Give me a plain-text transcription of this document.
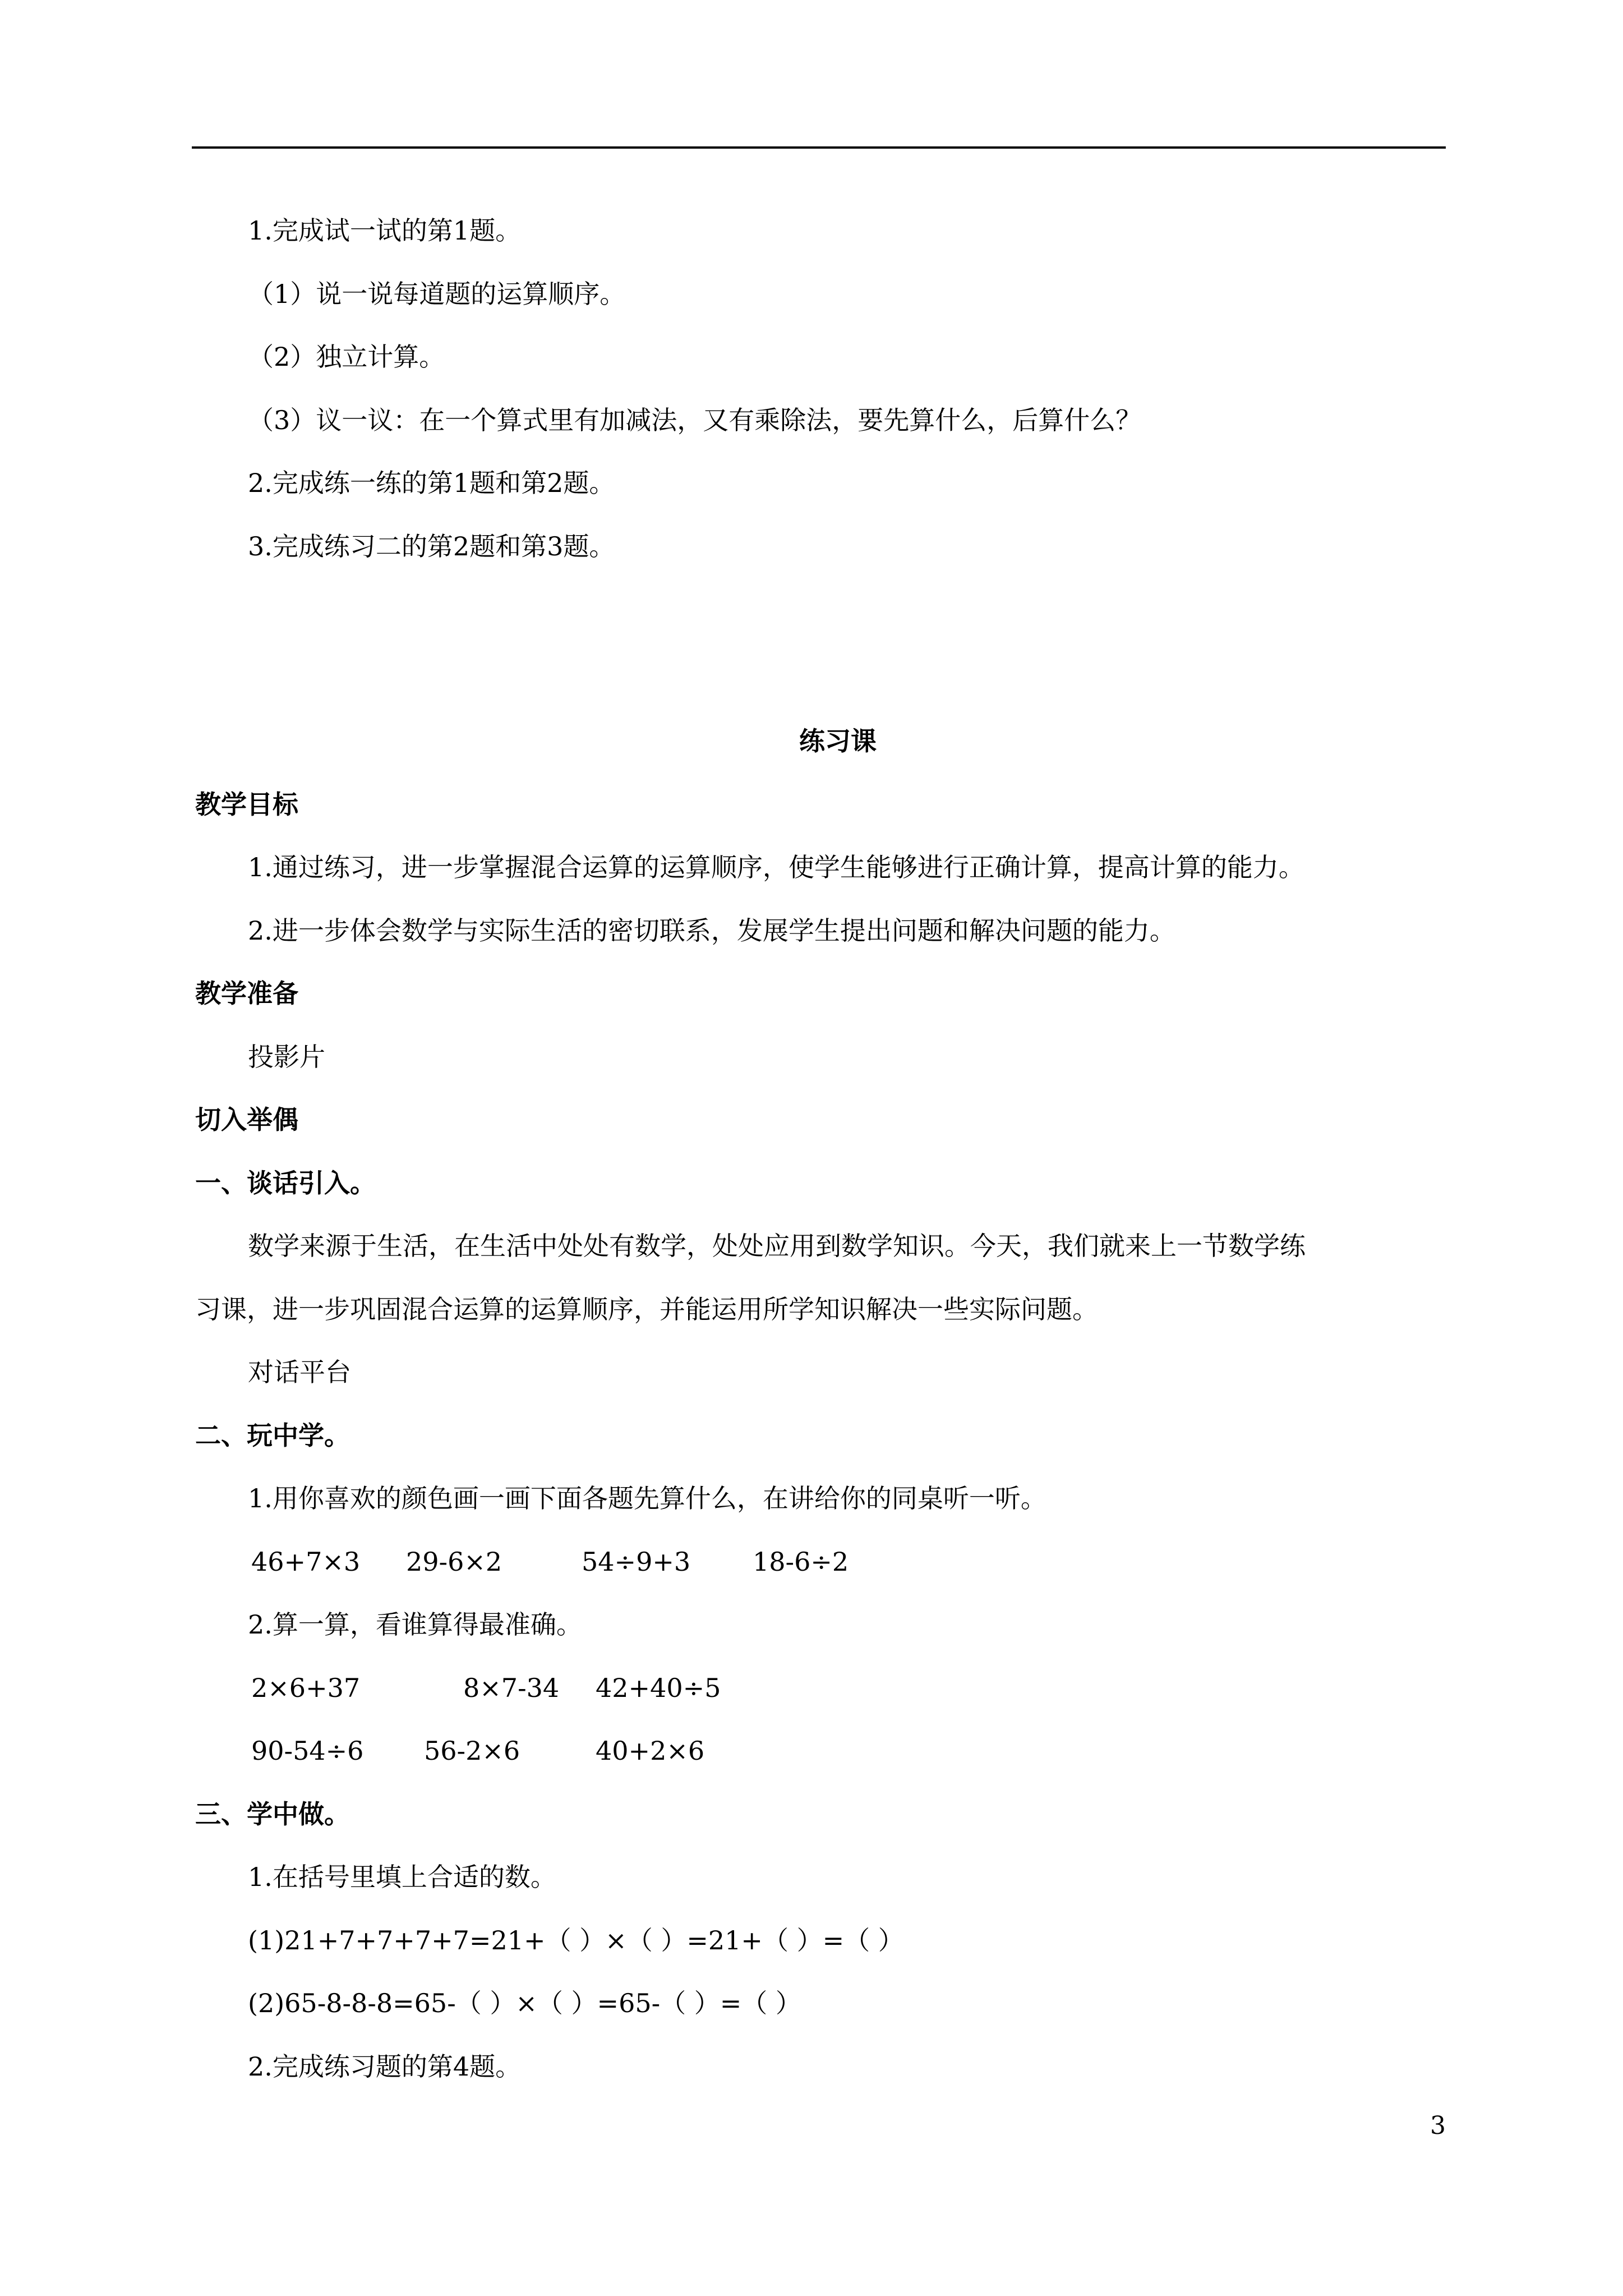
1.完成试一试的第1题。
（1）说一说每道题的运算顺序。
（2）独立计算。
（3）议一议：在一个算式里有加减法，又有乘除法，要先算什么，后算什么？
2.完成练一练的第1题和第2题。
3.完成练习二的第2题和第3题。
练习课
教学目标
1.通过练习，进一步掌握混合运算的运算顺序，使学生能够进行正确计算，提高计算的能力。
2.进一步体会数学与实际生活的密切联系，发展学生提出问题和解决问题的能力。
教学准备
投影片
切入举偶
一、谈话引入。
数学来源于生活，在生活中处处有数学，处处应用到数学知识。今天，我们就来上一节数学练
习课，进一步巩固混合运算的运算顺序，并能运用所学知识解决一些实际问题。
对话平台
二、玩中学。
1.用你喜欢的颜色画一画下面各题先算什么，在讲给你的同桌听一听。
46+7×3 29-6×2	54÷9+3 18-6÷2
2.算一算，看谁算得最准确。
2×6+37	8×7-34 42+40÷5
90-54÷6 56-2×6	40+2×6
三、学中做。
1.在括号里填上合适的数。
(1)21+7+7+7+7=21+（ ）×（ ）=21+（ ）=（ ）
(2)65-8-8-8=65-（ ）×（ ）=65-（ ）=（ ）
2.完成练习题的第4题。
3
